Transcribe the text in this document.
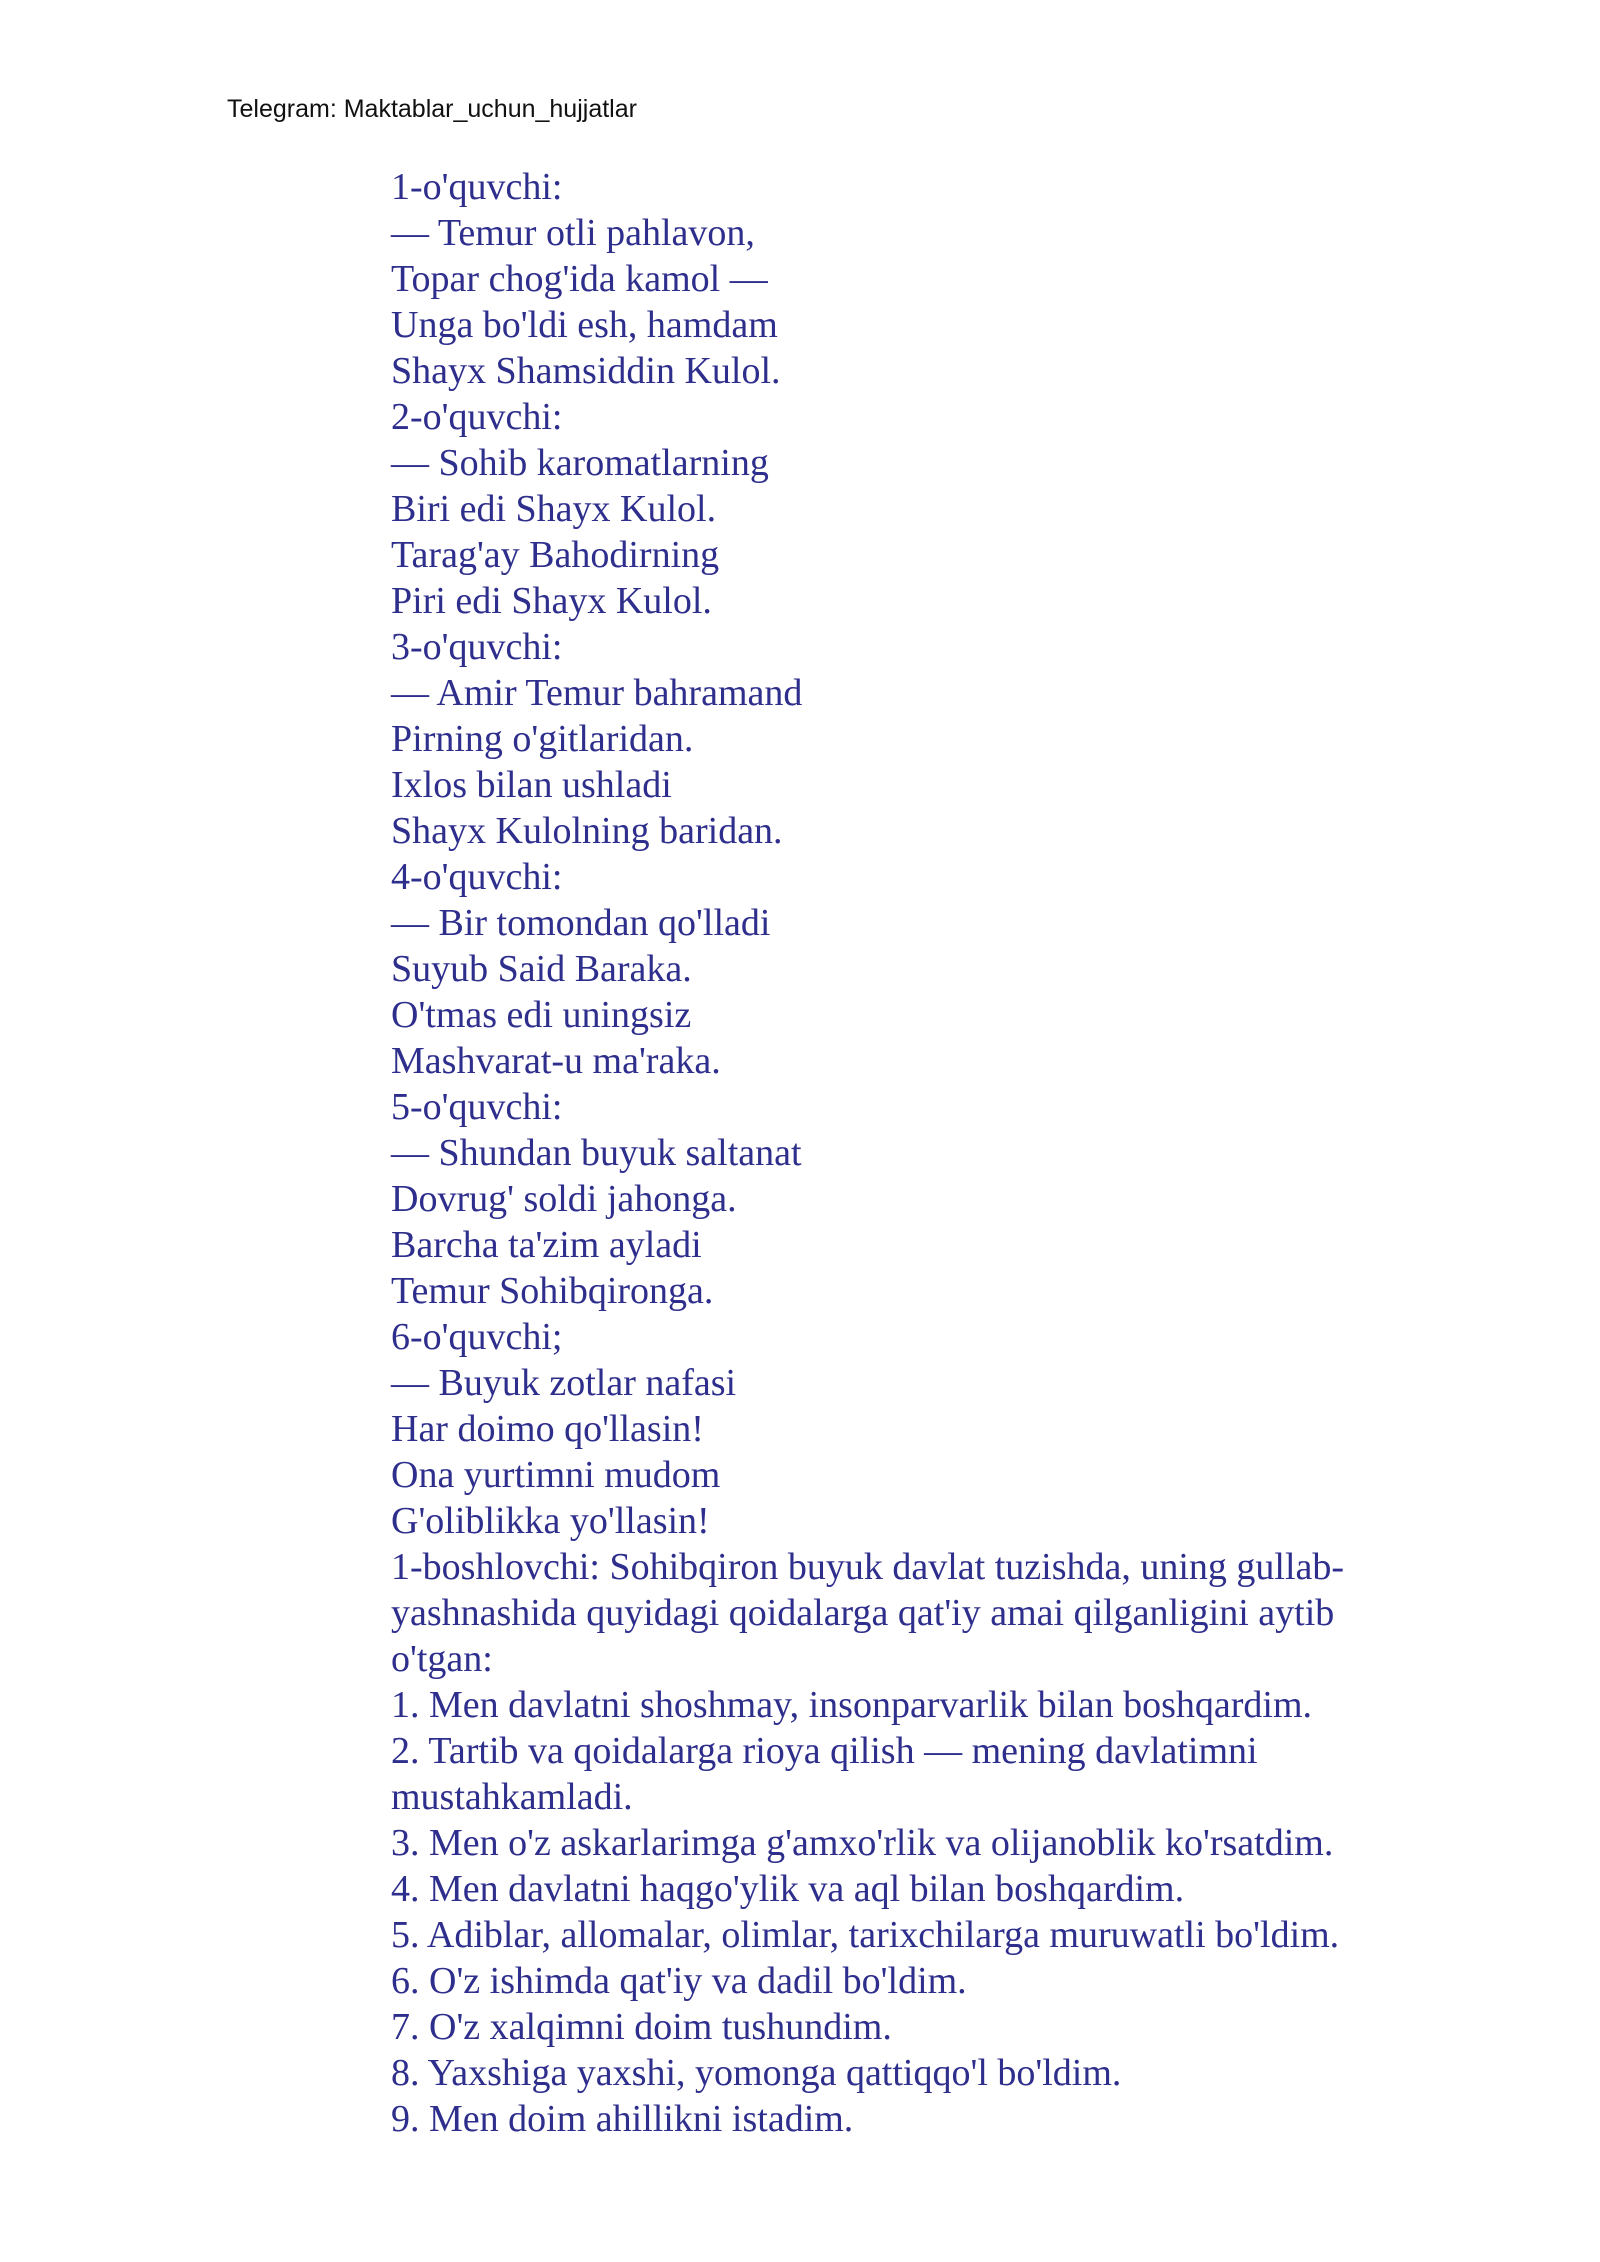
Telegram: Maktablar_uchun_hujjatlar
1-o'quvchi:
— Temur otli pahlavon,
Topar chog'ida kamol —
Unga bo'ldi esh, hamdam
Shayx Shamsiddin Kulol.
2-o'quvchi:
— Sohib karomatlarning
Biri edi Shayx Kulol.
Tarag'ay Bahodirning
Piri edi Shayx Kulol.
3-o'quvchi:
— Amir Temur bahramand
Pirning o'gitlaridan.
Ixlos bilan ushladi
Shayx Kulolning baridan.
4-o'quvchi:
— Bir tomondan qo'lladi
Suyub Said Baraka.
O'tmas edi uningsiz
Mashvarat-u ma'raka.
5-o'quvchi:
— Shundan buyuk saltanat
Dovrug' soldi jahonga.
Barcha ta'zim ayladi
Temur Sohibqironga.
6-o'quvchi;
— Buyuk zotlar nafasi
Har doimo qo'llasin!
Ona yurtimni mudom
G'oliblikka yo'llasin!
1-boshlovchi: Sohibqiron buyuk davlat tuzishda, uning gullab-yashnashida quyidagi qoidalarga qat'iy amai qilganligini aytib o'tgan:
1. Men davlatni shoshmay, insonparvarlik bilan boshqardim.
2. Tartib va qoidalarga rioya qilish — mening davlatimni mustahkamladi.
3. Men o'z askarlarimga g'amxo'rlik va olijanoblik ko'rsatdim.
4. Men davlatni haqgo'ylik va aql bilan boshqardim.
5. Adiblar, allomalar, olimlar, tarixchilarga muruwatli bo'ldim.
6. O'z ishimda qat'iy va dadil bo'ldim.
7. O'z xalqimni doim tushundim.
8. Yaxshiga yaxshi, yomonga qattiqqo'l bo'ldim.
9. Men doim ahillikni istadim.
